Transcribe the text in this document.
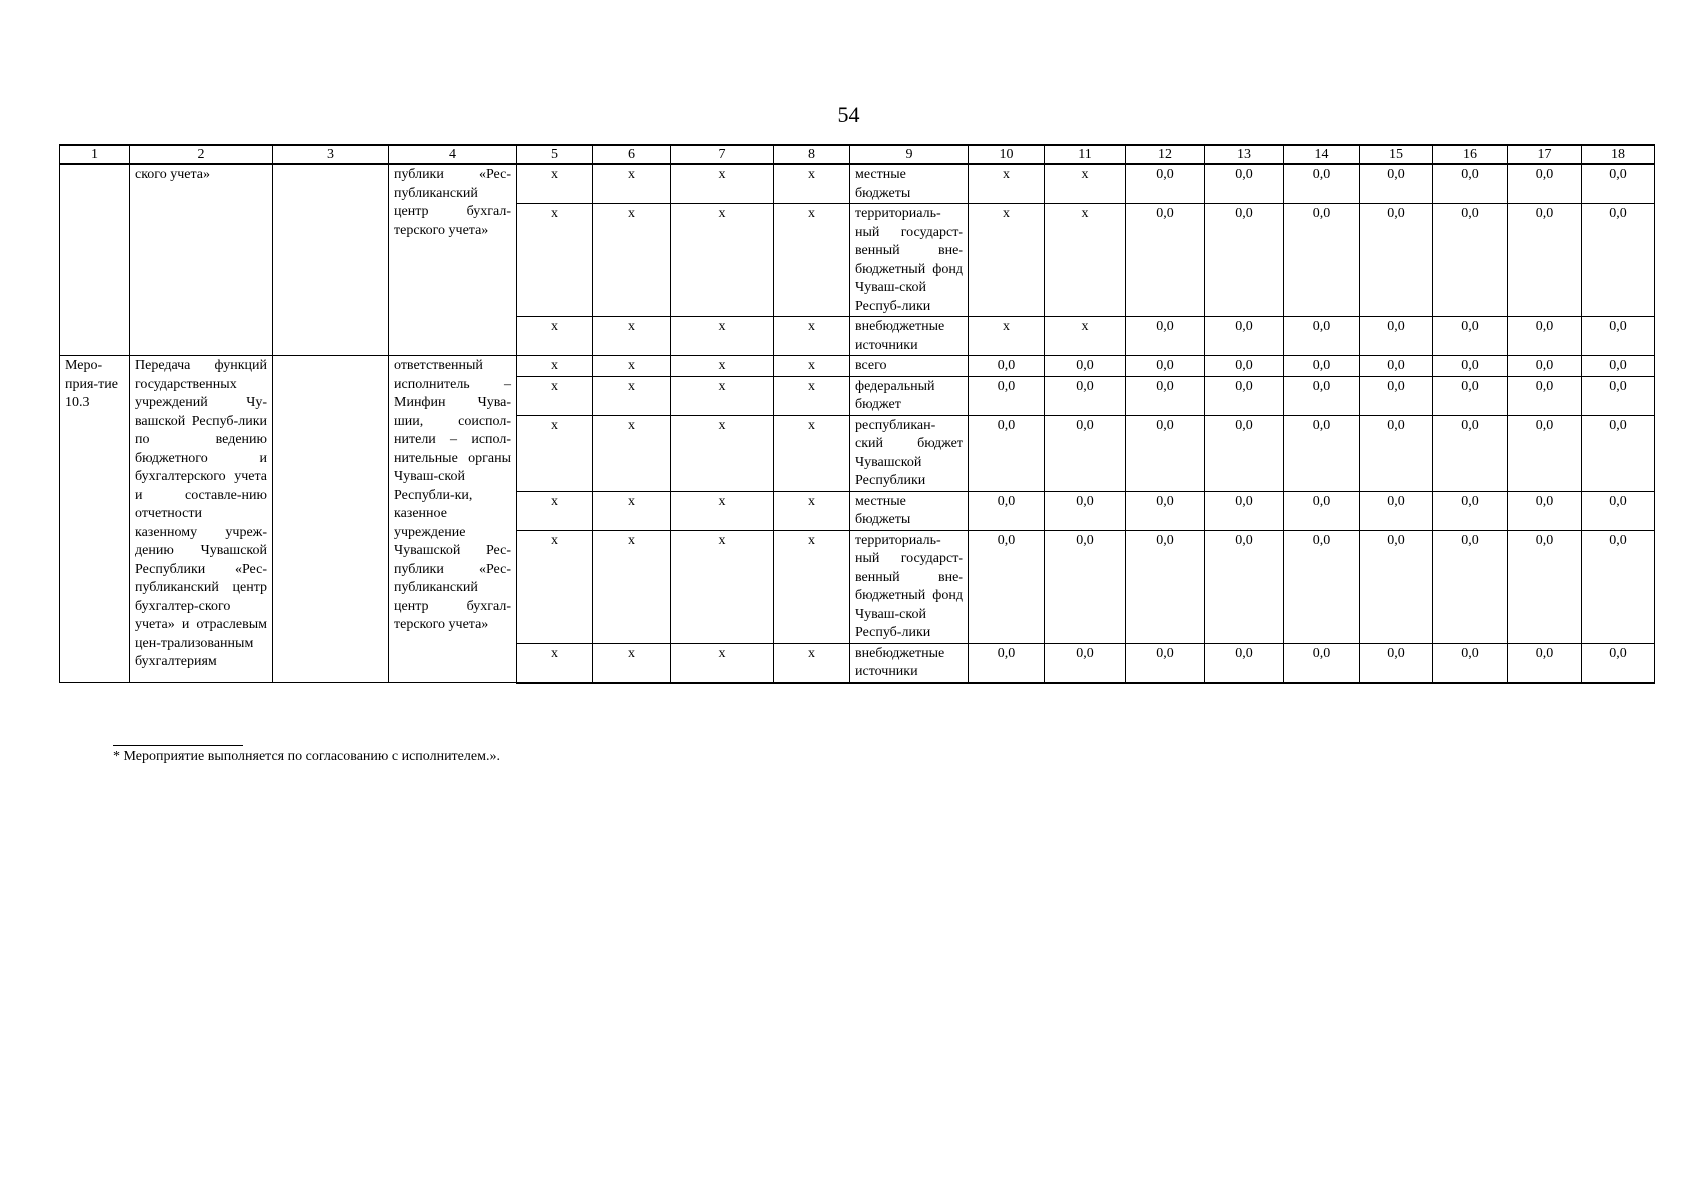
54
1	2	3	4	5	6	7	8	9	10	11	12	13	14	15	16	17	18
	ского учета»		публики «Рес-публиканский центр бухгал-терского учета»	х	х	х	х	местные бюджеты	х	х	0,0	0,0	0,0	0,0	0,0	0,0	0,0
				х	х	х	х	территориаль-ный государст-венный вне-бюджетный фонд Чуваш-ской Респуб-лики	х	х	0,0	0,0	0,0	0,0	0,0	0,0	0,0
				х	х	х	х	внебюджетные источники	х	х	0,0	0,0	0,0	0,0	0,0	0,0	0,0
Меро-прия-тие 10.3	Передача функций государственных учреждений Чу-вашской Респуб-лики по ведению бюджетного и бухгалтерского учета и составле-нию отчетности казенному учреж-дению Чувашской Республики «Рес-публиканский центр бухгалтер-ского учета» и отраслевым цен-трализованным бухгалтериям		ответственный исполнитель – Минфин Чува-шии, соиспол-нители – испол-нительные органы Чуваш-ской Республи-ки, казенное учреждение Чувашской Рес-публики «Рес-публиканский центр бухгал-терского учета»	х	х	х	х	всего	0,0	0,0	0,0	0,0	0,0	0,0	0,0	0,0	0,0
				х	х	х	х	федеральный бюджет	0,0	0,0	0,0	0,0	0,0	0,0	0,0	0,0	0,0
				х	х	х	х	республикан-ский бюджет Чувашской Республики	0,0	0,0	0,0	0,0	0,0	0,0	0,0	0,0	0,0
				х	х	х	х	местные бюджеты	0,0	0,0	0,0	0,0	0,0	0,0	0,0	0,0	0,0
				х	х	х	х	территориаль-ный государст-венный вне-бюджетный фонд Чуваш-ской Респуб-лики	0,0	0,0	0,0	0,0	0,0	0,0	0,0	0,0	0,0
				х	х	х	х	внебюджетные источники	0,0	0,0	0,0	0,0	0,0	0,0	0,0	0,0	0,0
* Мероприятие выполняется по согласованию с исполнителем.».
